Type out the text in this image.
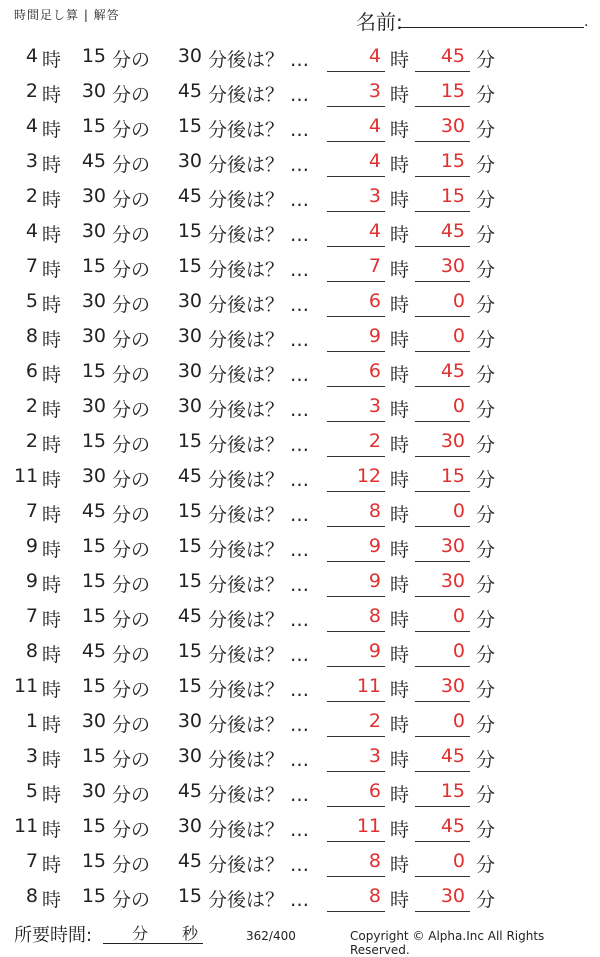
時間足し算 | 解答	名前:	.
4 時	15 分の	30 分後は？ …	4 時	45 分
2 時	30 分の	45 分後は？ …	3 時	15 分
4 時	15 分の	15 分後は？ …	4 時	30 分
3 時	45 分の	30 分後は？ …	4 時	15 分
2 時	30 分の	45 分後は？ …	3 時	15 分
4 時	30 分の	15 分後は？ …	4 時	45 分
7 時	15 分の	15 分後は？ …	7 時	30 分
5 時	30 分の	30 分後は？ …	6 時	0 分
8 時	30 分の	30 分後は？ …	9 時	0 分
6 時	15 分の	30 分後は？ …	6 時	45 分
2 時	30 分の	30 分後は？ …	3 時	0 分
2 時	15 分の	15 分後は？ …	2 時	30 分
11 時	30 分の	45 分後は？ …	12 時	15 分
7 時	45 分の	15 分後は？ …	8 時	0 分
9 時	15 分の	15 分後は？ …	9 時	30 分
9 時	15 分の	15 分後は？ …	9 時	30 分
7 時	15 分の	45 分後は？ …	8 時	0 分
8 時	45 分の	15 分後は？ …	9 時	0 分
11 時	15 分の	15 分後は？ …	11 時	30 分
1 時	30 分の	30 分後は？ …	2 時	0 分
3 時	15 分の	30 分後は？ …	3 時	45 分
5 時	30 分の	45 分後は？ …	6 時	15 分
11 時	15 分の	30 分後は？ …	11 時	45 分
7 時	15 分の	45 分後は？ …	8 時	0 分
8 時	15 分の	15 分後は？ …	8 時	30 分
所要時間: 分 秒	362/400	Copyright © Alpha.Inc All Rights Reserved.
